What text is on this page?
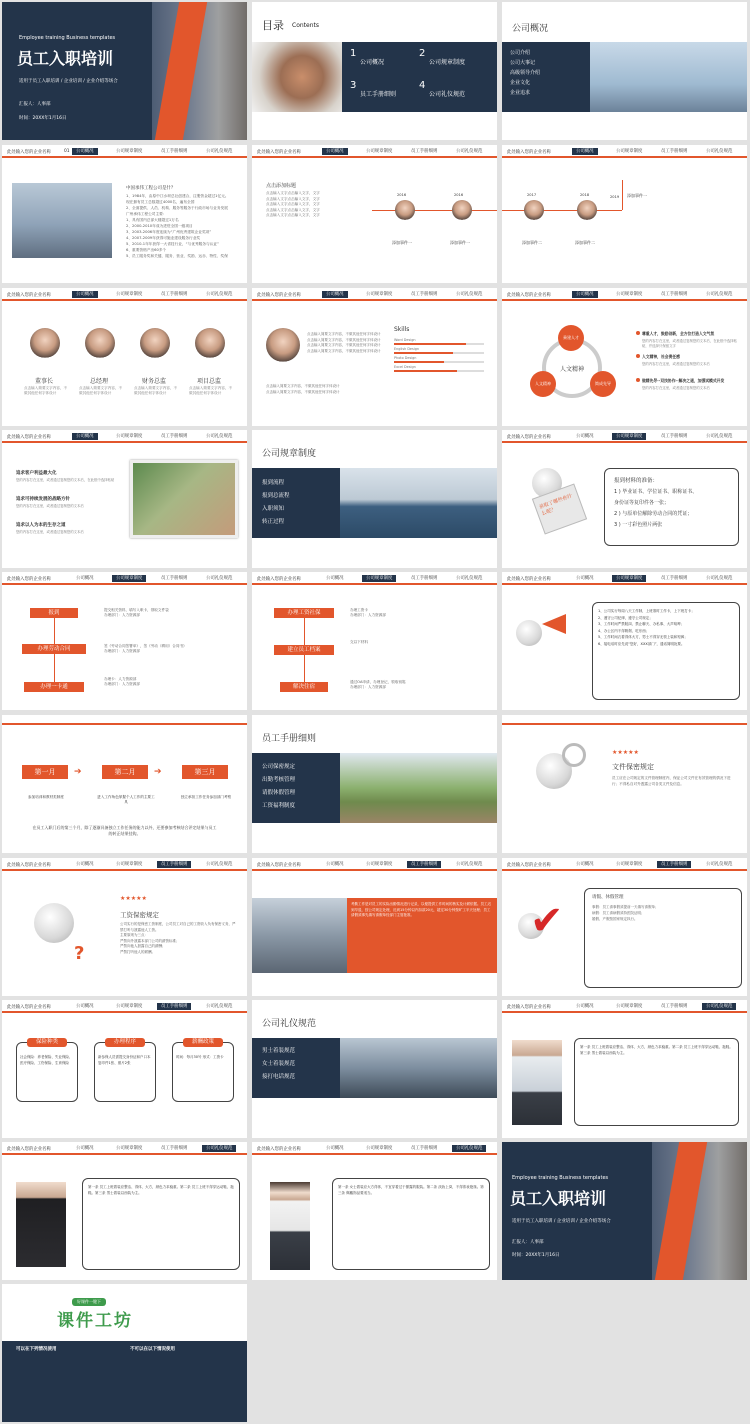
Employee training Business templates
员工入职培训
适用于员工入职培训 / 企业培训 / 企业介绍等场合
汇报人：人事部
时间：20XX年1月16日
目录 Contents
1
公司概况
2
公司规章制度
3
员工手册细则
4
公司礼仪规范
公司概况
公司介绍
公司大事记
高级领导介绍
企业文化
企业追求
此处输入您的企业名称	01	公司概况	公司规章制度	员工手册细则	公司礼仪规范
中国承伟工程公司是什？
1、1984年，由原中江水坝总社创建合，注册资金超过1亿元。
现在拥有员工总数超过4000名，遍布全国
2、全面提供、人员、机构、服务等服务于行政市场与业务发展
广州承伟工程公司主要：
1、具有国内总部大楼超过1万名
2、2000-2010年成为进驻全国一级项目
3、2003-2006年度连续为“广州优秀建筑企业奖项”
4、2007-2009年获得可施业建设服务行业奖
5、2010-1年年获得一大省技行业，“与优秀服务与认证”
6、重要资格产出60多个
5、员工服务奖和关键、服务、营业、奖励、运赤、特性、奖保
此处输入您的企业名称	公司概况	公司规章制度	员工手册细则	公司礼仪规范
点击添加标题
点击输入文字点击输入文字，文字
点击输入文字点击输入文字，文字
点击输入文字点击输入文字，文字
点击输入文字点击输入文字，文字
点击输入文字点击输入文字，文字
2016	2016
添加事件一	添加事件一
此处输入您的企业名称	公司概况	公司规章制度	员工手册细则	公司礼仪规范
2017	2018	2019 添加事件一
添加事件二	添加事件二
此处输入您的企业名称	公司概况	公司规章制度	员工手册细则	公司礼仪规范
董事长	总经理	财务总监	项目总监
点击输入简要文字内容，不做其他任何字体设计
点击输入简要文字内容，不做其他任何字体设计
点击输入简要文字内容，不做其他任何字体设计
点击输入简要文字内容，不做其他任何字体设计
此处输入您的企业名称	公司概况	公司规章制度	员工手册细则	公司礼仪规范
点击输入简要文字内容，不做其他任何字体设计
点击输入简要文字内容，不做其他任何字体设计
点击输入简要文字内容，不做其他任何字体设计
点击输入简要文字内容，不做其他任何字体设计
Skills
点击输入简要文字内容，不做其他任何字体设计
点击输入简要文字内容，不做其他任何字体设计
Word Design
English Design
Photo Design
Excel Design
此处输入您的企业名称	公司概况	公司规章制度	员工手册细则	公司礼仪规范
人文精神
乘建人才
人文精神	简成先导
尊重人才，鼓励创新，全方位打造人文气氛
您的内容打在这里，或者通过复制您的文本后，在此框中选择粘贴，并选择只保留文字
人文精神，社会责任感
您的内容打在这里，或者通过复制您的文本后
做精先导--双技协作--解决之道，加强试模式开发
您的内容打在这里，或者通过复制您的文本后
此处输入您的企业名称	公司概况	公司规章制度	员工手册细则	公司礼仪规范
追求客户利益最大化
您的内容打在这里，或者通过复制您的文本后，在此框中选择粘贴
追求可持续发展的战略方针
您的内容打在这里，或者通过复制您的文本后
追求以人为本的生存之道
您的内容打在这里，或者通过复制您的文本后
公司规章制度
报到流程
报到总流程
入职须知
转正过程
此处输入您的企业名称	公司概况	公司规章制度	员工手册细则	公司礼仪规范
录取了哪些你什么呢？
报到材料的准备：
1 ) 毕业证书、学位证书、职称证书、
身份证等复印件各一张；
2 ) 与原单位解除劳动合同的凭证；
3 ) 一寸彩色照片两张
此处输入您的企业名称	公司概况	公司规章制度	员工手册细则	公司礼仪规范
报到
办理劳动合同
办理一卡通
提交相关资料，填写入职卡，领取文件袋
办理部门：人力资源部
签《劳动合同签署单》，签《劳动（聘用）合同书》
办理部门：人力资源部
办理卡：人力资源部
办理部门：人力资源部
此处输入您的企业名称	公司概况	公司规章制度	员工手册细则	公司礼仪规范
办理工资社保
建立员工档案
解决住宿
办理工资卡
办理部门：人力资源部
交以下材料
通过OA申请，办理登记，领取钥匙
办理部门：人力资源部
此处输入您的企业名称	公司概况	公司规章制度	员工手册细则	公司礼仪规范
1、公司实行每周八天工作制，上班准时工作卡，上下班打卡；
2、遵守公司纪律，遵守公司规定；
3、工作时间严禁脱岗、禁止聊天、办私事、大声喧哗；
4、办公区内不得吸烟、吃东西；
5、工作时间衣着得体大方，男士不得穿无领上装和短裤；
6、接电话时应先说“您好，XXX部门”，通话简明扼要。
第一月	第二月	第三月
➔	➔
参加培训和教材类制度	进入工作角色掌握个人工作的主要工具
独立承担工作任务参加部门考察
在员工入职门后的第三个月，除了逐渐具备独立工作任务的能力以外，还要参加考核结合评定结果与员工的转正结果挂钩。
员工手册细则
公司保密规定
出勤考核管理
请假休假管理
工资福利制度
★★★★★
文件保密规定
员工应在公司规定的文件管理制度内，保证公司文件在有效管理的情况下进行；不得私自对外透露公司各类文件及信息。
此处输入您的企业名称	公司概况	公司规章制度	员工手册细则	公司礼仪规范
?
★★★★★
工资保密规定
公司实行的是保密工资制度，公司员工对自己的工资收入负有保密义务，严禁打听与泄露他人工资。
主要原则为三点：
严禁向外泄露本部门公司的薪资标准；
严禁向他人泄露自己的薪酬；
严禁打听他人的薪酬。
此处输入您的企业名称	公司概况	公司规章制度	员工手册细则	公司礼仪规范
考勤工作是对员工的实际出勤情况进行记录，以便提供工作时间的核实及计薪依据。员工迟到早退，按公司规定处理，迟到15分钟以内扣款20元，超过30分钟按旷工半天处理；员工请假须事先填写请假单经部门主管批准。
此处输入您的企业名称	公司概况	公司规章制度	员工手册细则	公司礼仪规范
✔
请假、休假管理
事假：员工请事假须提前一天填写请假单；
病假：员工请病假须持医院证明；
婚假、产假按国家规定执行。
此处输入您的企业名称	公司概况	公司规章制度	员工手册细则	公司礼仪规范
保险种类	办理程序	薪酬政策
社会保险：养老保险、失业保险、医疗保险、工伤保险、生育保险
新参保人员需提交身份证和户口本复印件1张、照片2张
时间：每月30号 形式：工资卡
公司礼仪规范
男士着装规范
女士着装规范
接打电话规范
此处输入您的企业名称	公司概况	公司规章制度	员工手册细则	公司礼仪规范
第一条 员工上班着装应整洁、得体、大方，颜色力求稳重。第二条 员工上班不得穿运动鞋、拖鞋。第三条 男士着装以西装为主。
此处输入您的企业名称	公司概况	公司规章制度	员工手册细则	公司礼仪规范
第一条 员工上班着装应整洁、得体、大方，颜色力求稳重。第二条 员工上班不得穿运动鞋、拖鞋。第三条 男士着装以西装为主。
此处输入您的企业名称	公司概况	公司规章制度	员工手册细则	公司礼仪规范
第一条 女士着装应大方得体，不宜穿着过于暴露的服装。第二条 淡妆上岗，不得浓妆艳抹。第三条 佩戴饰品要适当。
Employee training Business templates
员工入职培训
适用于员工入职培训 / 企业培训 / 企业介绍等场合
汇报人：人事部
时间：20XX年1月16日
好课件一键下
课件工坊
可以在下列情况使用	不可以在以下情况使用
